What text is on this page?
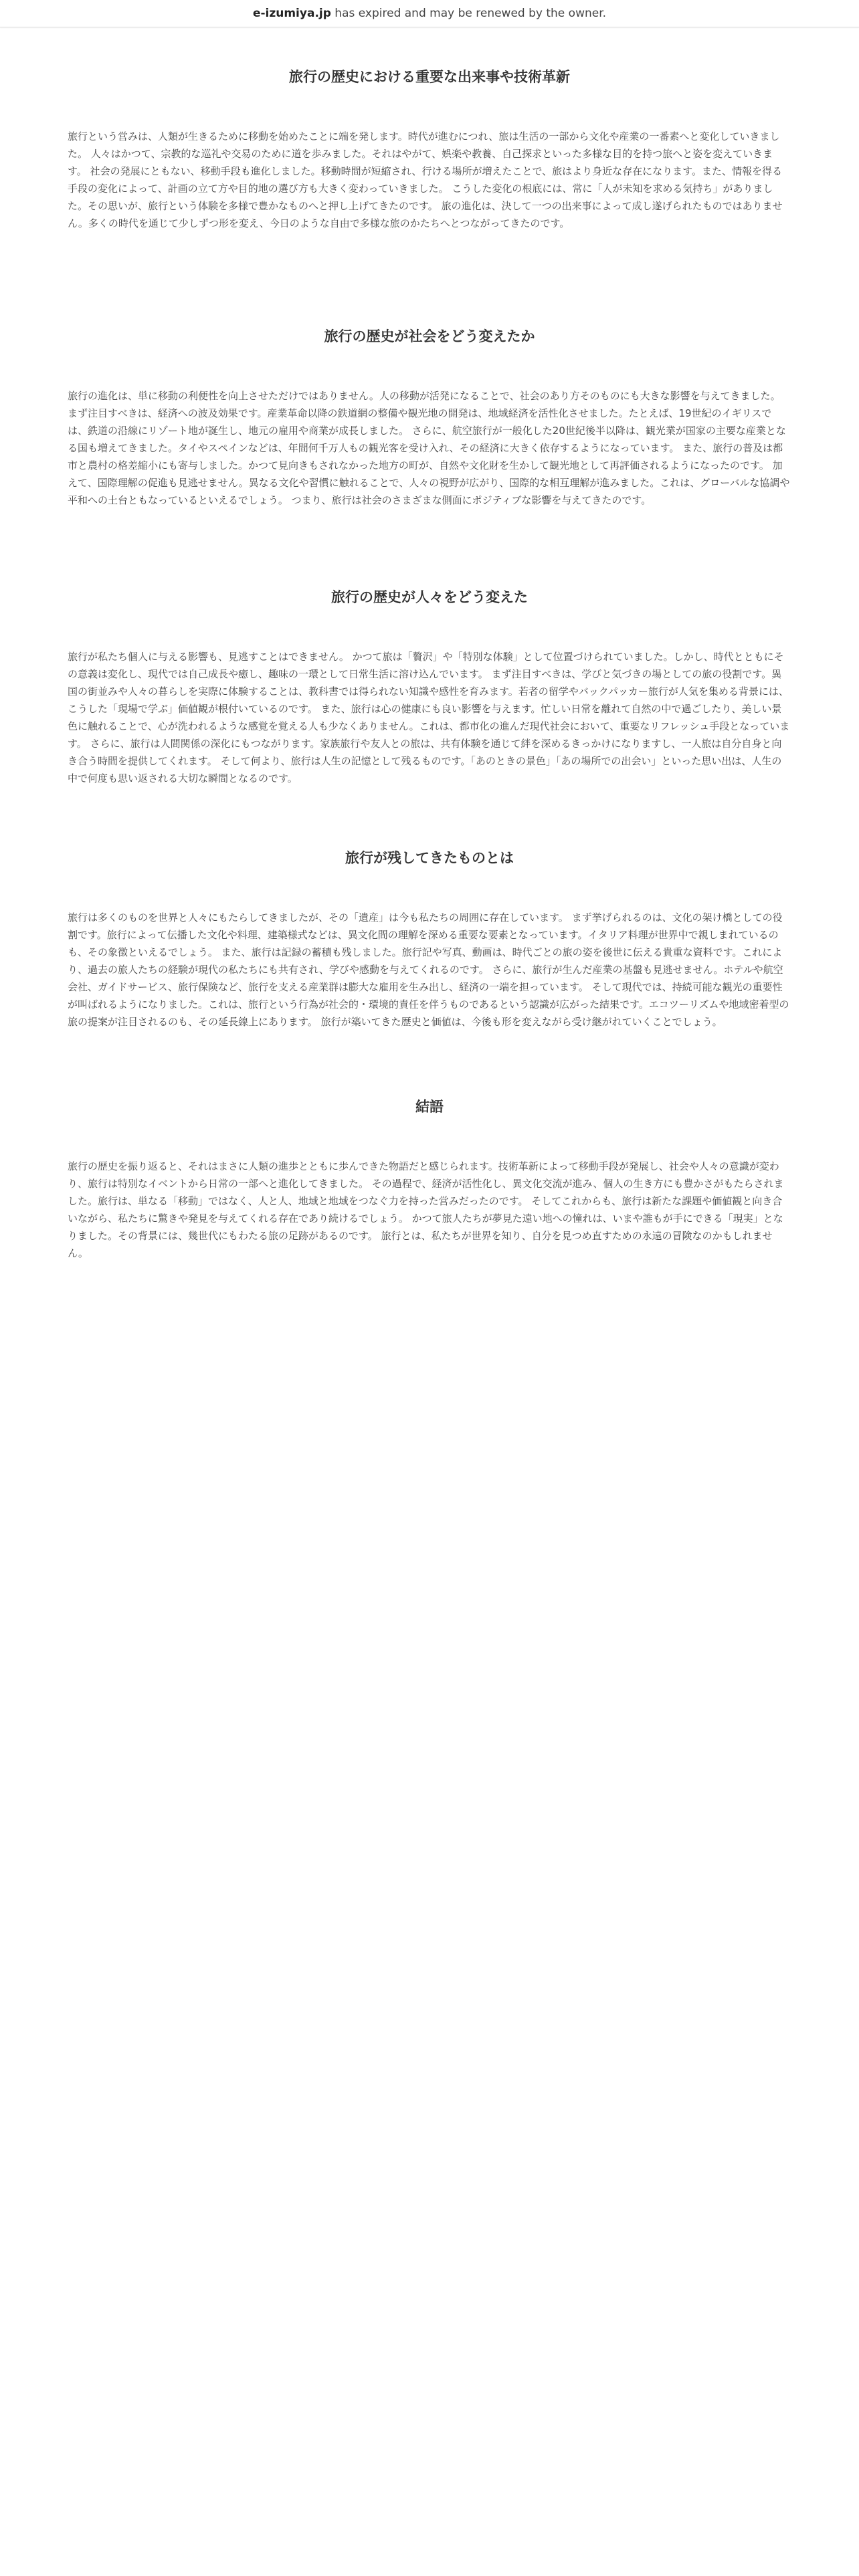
e-izumiya.jp has expired and may be renewed by the owner.
旅行の歴史における重要な出来事や技術革新

旅行という営みは、人類が生きるために移動を始めたことに端を発します。時代が進むにつれ、旅は生活の一部から文化や産業の一番素へと変化していきました。 人々はかつて、宗教的な巡礼や交易のために道を歩みました。それはやがて、娯楽や教養、自己探求といった多様な目的を持つ旅へと姿を変えていきます。 社会の発展にともない、移動手段も進化しました。移動時間が短縮され、行ける場所が増えたことで、旅はより身近な存在になります。また、情報を得る手段の変化によって、計画の立て方や目的地の選び方も大きく変わっていきました。 こうした変化の根底には、常に「人が未知を求める気持ち」がありました。その思いが、旅行という体験を多様で豊かなものへと押し上げてきたのです。 旅の進化は、決して一つの出来事によって成し遂げられたものではありません。多くの時代を通じて少しずつ形を変え、今日のような自由で多様な旅のかたちへとつながってきたのです。

旅行の歴史が社会をどう変えたか

旅行の進化は、単に移動の利便性を向上させただけではありません。人の移動が活発になることで、社会のあり方そのものにも大きな影響を与えてきました。 まず注目すべきは、経済への波及効果です。産業革命以降の鉄道網の整備や観光地の開発は、地域経済を活性化させました。たとえば、19世紀のイギリスでは、鉄道の沿線にリゾート地が誕生し、地元の雇用や商業が成長しました。 さらに、航空旅行が一般化した20世紀後半以降は、観光業が国家の主要な産業となる国も増えてきました。タイやスペインなどは、年間何千万人もの観光客を受け入れ、その経済に大きく依存するようになっています。 また、旅行の普及は都市と農村の格差縮小にも寄与しました。かつて見向きもされなかった地方の町が、自然や文化財を生かして観光地として再評価されるようになったのです。 加えて、国際理解の促進も見逃せません。異なる文化や習慣に触れることで、人々の視野が広がり、国際的な相互理解が進みました。これは、グローバルな協調や平和への土台ともなっているといえるでしょう。 つまり、旅行は社会のさまざまな側面にポジティブな影響を与えてきたのです。

旅行の歴史が人々をどう変えた

旅行が私たち個人に与える影響も、見逃すことはできません。 かつて旅は「贅沢」や「特別な体験」として位置づけられていました。しかし、時代とともにその意義は変化し、現代では自己成長や癒し、趣味の一環として日常生活に溶け込んでいます。 まず注目すべきは、学びと気づきの場としての旅の役割です。異国の街並みや人々の暮らしを実際に体験することは、教科書では得られない知識や感性を育みます。若者の留学やバックパッカー旅行が人気を集める背景には、こうした「現場で学ぶ」価値観が根付いているのです。 また、旅行は心の健康にも良い影響を与えます。忙しい日常を離れて自然の中で過ごしたり、美しい景色に触れることで、心が洗われるような感覚を覚える人も少なくありません。これは、都市化の進んだ現代社会において、重要なリフレッシュ手段となっています。 さらに、旅行は人間関係の深化にもつながります。家族旅行や友人との旅は、共有体験を通じて絆を深めるきっかけになりますし、一人旅は自分自身と向き合う時間を提供してくれます。 そして何より、旅行は人生の記憶として残るものです。「あのときの景色」「あの場所での出会い」といった思い出は、人生の中で何度も思い返される大切な瞬間となるのです。

旅行が残してきたものとは

旅行は多くのものを世界と人々にもたらしてきましたが、その「遺産」は今も私たちの周囲に存在しています。 まず挙げられるのは、文化の架け橋としての役割です。旅行によって伝播した文化や料理、建築様式などは、異文化間の理解を深める重要な要素となっています。イタリア料理が世界中で親しまれているのも、その象徴といえるでしょう。 また、旅行は記録の蓄積も残しました。旅行記や写真、動画は、時代ごとの旅の姿を後世に伝える貴重な資料です。これにより、過去の旅人たちの経験が現代の私たちにも共有され、学びや感動を与えてくれるのです。 さらに、旅行が生んだ産業の基盤も見逃せません。ホテルや航空会社、ガイドサービス、旅行保険など、旅行を支える産業群は膨大な雇用を生み出し、経済の一端を担っています。 そして現代では、持続可能な観光の重要性が叫ばれるようになりました。これは、旅行という行為が社会的・環境的責任を伴うものであるという認識が広がった結果です。エコツーリズムや地域密着型の旅の提案が注目されるのも、その延長線上にあります。 旅行が築いてきた歴史と価値は、今後も形を変えながら受け継がれていくことでしょう。

結語

旅行の歴史を振り返ると、それはまさに人類の進歩とともに歩んできた物語だと感じられます。技術革新によって移動手段が発展し、社会や人々の意識が変わり、旅行は特別なイベントから日常の一部へと進化してきました。 その過程で、経済が活性化し、異文化交流が進み、個人の生き方にも豊かさがもたらされました。旅行は、単なる「移動」ではなく、人と人、地域と地域をつなぐ力を持った営みだったのです。 そしてこれからも、旅行は新たな課題や価値観と向き合いながら、私たちに驚きや発見を与えてくれる存在であり続けるでしょう。 かつて旅人たちが夢見た遠い地への憧れは、いまや誰もが手にできる「現実」となりました。その背景には、幾世代にもわたる旅の足跡があるのです。 旅行とは、私たちが世界を知り、自分を見つめ直すための永遠の冒険なのかもしれません。
